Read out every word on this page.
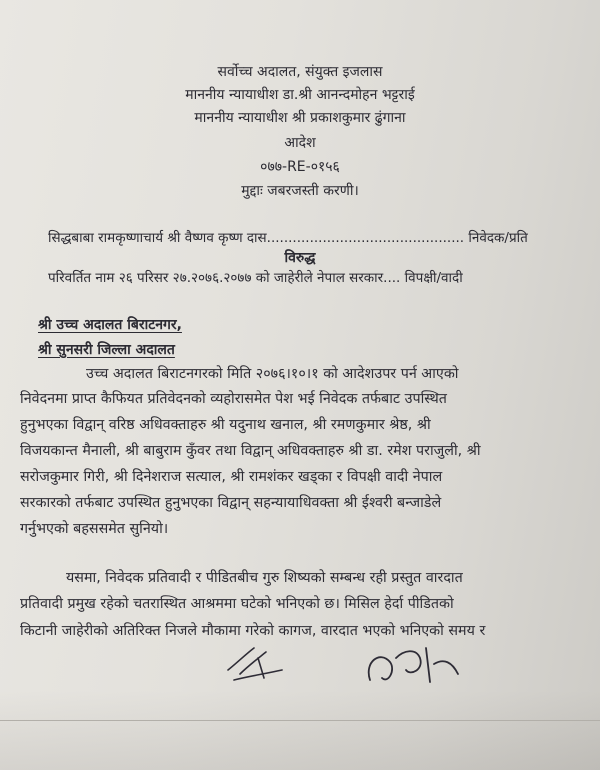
सर्वोच्च अदालत, संयुक्त इजलास
माननीय न्यायाधीश डा.श्री आनन्दमोहन भट्टराई
माननीय न्यायाधीश श्री प्रकाशकुमार ढुंगाना
आदेश
०७७-RE-०१५६
मुद्दाः जबरजस्ती करणी।
सिद्धबाबा रामकृष्णाचार्य श्री वैष्णव कृष्ण दास.............................................. निवेदक/प्रति
विरुद्ध
परिवर्तित नाम २६ परिसर २७.२०७६.२०७७ को जाहेरीले नेपाल सरकार.... विपक्षी/वादी
श्री उच्च अदालत बिराटनगर,
श्री सुनसरी जिल्ला अदालत
उच्च अदालत बिराटनगरको मिति २०७६।१०।१ को आदेशउपर पर्न आएको
निवेदनमा प्राप्त कैफियत प्रतिवेदनको व्यहोरासमेत पेश भई निवेदक तर्फबाट उपस्थित
हुनुभएका विद्वान् वरिष्ठ अधिवक्ताहरु श्री यदुनाथ खनाल, श्री रमणकुमार श्रेष्ठ, श्री
विजयकान्त मैनाली, श्री बाबुराम कुँवर तथा विद्वान् अधिवक्ताहरु श्री डा. रमेश पराजुली, श्री
सरोजकुमार गिरी, श्री दिनेशराज सत्याल, श्री रामशंकर खड्का र विपक्षी वादी नेपाल
सरकारको तर्फबाट उपस्थित हुनुभएका विद्वान् सहन्यायाधिवक्ता श्री ईश्वरी बन्जाडेले
गर्नुभएको बहससमेत सुनियो।
यसमा, निवेदक प्रतिवादी र पीडितबीच गुरु शिष्यको सम्बन्ध रही प्रस्तुत वारदात
प्रतिवादी प्रमुख रहेको चतरास्थित आश्रममा घटेको भनिएको छ। मिसिल हेर्दा पीडितको
किटानी जाहेरीको अतिरिक्त निजले मौकामा गरेको कागज, वारदात भएको भनिएको समय र
